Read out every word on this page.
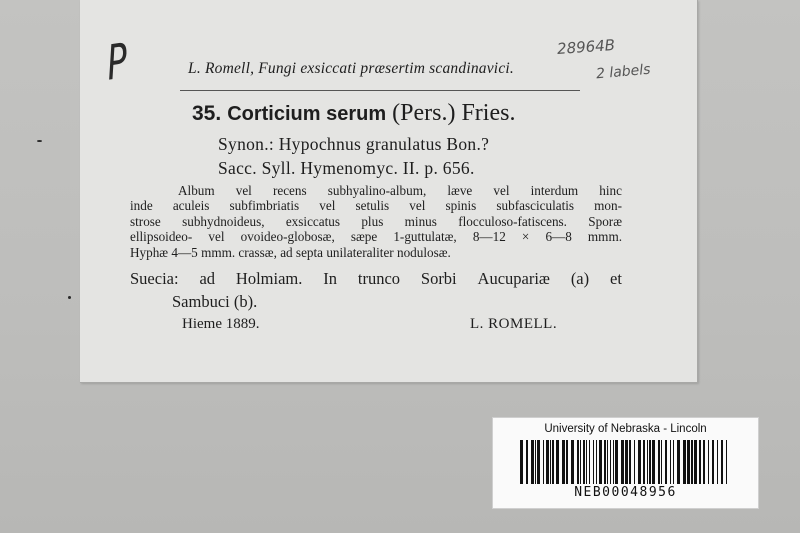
P	28964B
2 labels
L. Romell, Fungi exsiccati præsertim scandinavici.
35. Corticium serum (Pers.) Fries.
Synon.: Hypochnus granulatus Bon.?
Sacc. Syll. Hymenomyc. II. p. 656.
Album vel recens subhyalino-album, læve vel interdum hinc
inde aculeis subfimbriatis vel setulis vel spinis subfasciculatis mon-
strose subhydnoideus, exsiccatus plus minus flocculoso-fatiscens. Sporæ
ellipsoideo- vel ovoideo-globosæ, sæpe 1-guttulatæ, 8—12 × 6—8 mmm.
Hyphæ 4—5 mmm. crassæ, ad septa unilateraliter nodulosæ.
Suecia: ad Holmiam. In trunco Sorbi Aucupariæ (a) et
Sambuci (b).
Hieme 1889.	L. ROMELL.
University of Nebraska - Lincoln
NEB00048956
